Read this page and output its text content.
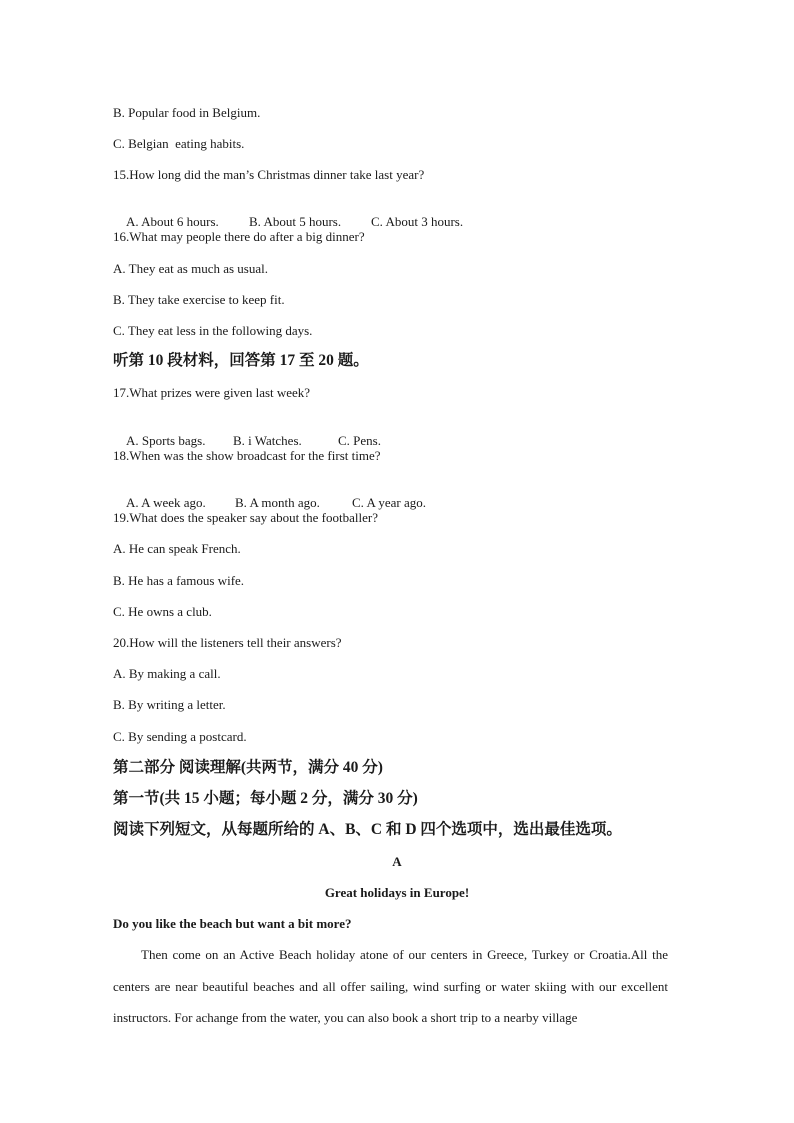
B. Popular food in Belgium.
C. Belgian  eating habits.
15.How long did the man’s Christmas dinner take last year?

A. About 6 hours. B. About 5 hours. C. About 3 hours.

16.What may people there do after a big dinner?
A. They eat as much as usual.
B. They take exercise to keep fit.
C. They eat less in the following days.
听第 10 段材料，回答第 17 至 20 题。
17.What prizes were given last week?

A. Sports bags. B. i Watches.	C. Pens.

18.When was the show broadcast for the first time?

A. A week ago. B. A month ago. C. A year ago.

19.What does the speaker say about the footballer?
A. He can speak French.
B. He has a famous wife.
C. He owns a club.
20.How will the listeners tell their answers?
A. By making a call.
B. By writing a letter.
C. By sending a postcard.
第二部分 阅读理解(共两节，满分 40 分)
第一节(共 15 小题；每小题 2 分，满分 30 分)
阅读下列短文，从每题所给的 A、B、C 和 D 四个选项中，选出最佳选项。
A
Great holidays in Europe!
Do you like the beach but want a bit more?
Then come on an Active Beach holiday atone of our centers in Greece, Turkey or Croatia.All the centers are near beautiful beaches and all offer sailing, wind surfing or water skiing with our excellent instructors. For achange from the water, you can also book a short trip to a nearby village
